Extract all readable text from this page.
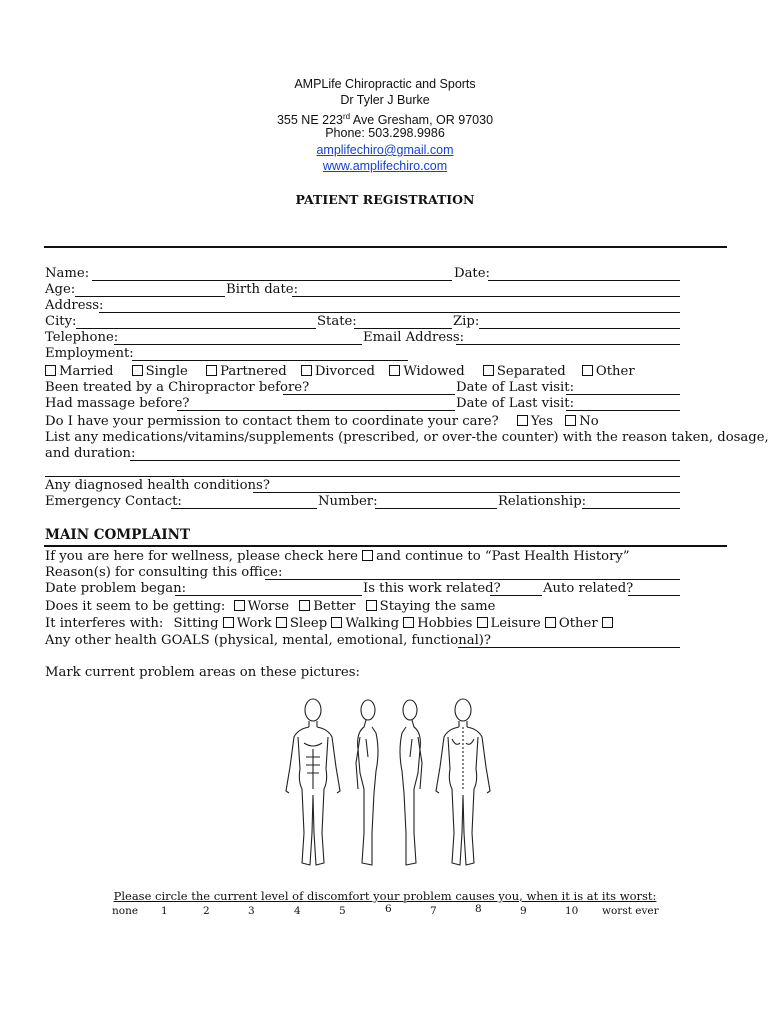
AMPLife Chiropractic and Sports
Dr Tyler J Burke
355 NE 223rd Ave Gresham, OR 97030
Phone: 503.298.9986
amplifechiro@gmail.com
www.amplifechiro.com
PATIENT REGISTRATION
Name:	Date:
Age:	Birth date:
Address:
City:	State:	Zip:
Telephone:	Email Address:
Employment:
Married Single Partnered Divorced Widowed Separated Other
Been treated by a Chiropractor before?	Date of Last visit:
Had massage before?	Date of Last visit:
Do I have your permission to contact them to coordinate your care? Yes No
List any medications/vitamins/supplements (prescribed, or over-the counter) with the reason taken, dosage,
and duration:
Any diagnosed health conditions?
Emergency Contact:	Number:	Relationship:
MAIN COMPLAINT
If you are here for wellness, please check here and continue to “Past Health History”
Reason(s) for consulting this office:
Date problem began:	Is this work related?	Auto related?
Does it seem to be getting: Worse Better Staying the same
It interferes with: Sitting Work Sleep Walking Hobbies Leisure Other
Any other health GOALS (physical, mental, emotional, functional)?
Mark current problem areas on these pictures:
Please circle the current level of discomfort your problem causes you, when it is at its worst:
none 1	2	3	4	5	6	7	8	9	10 worst ever
